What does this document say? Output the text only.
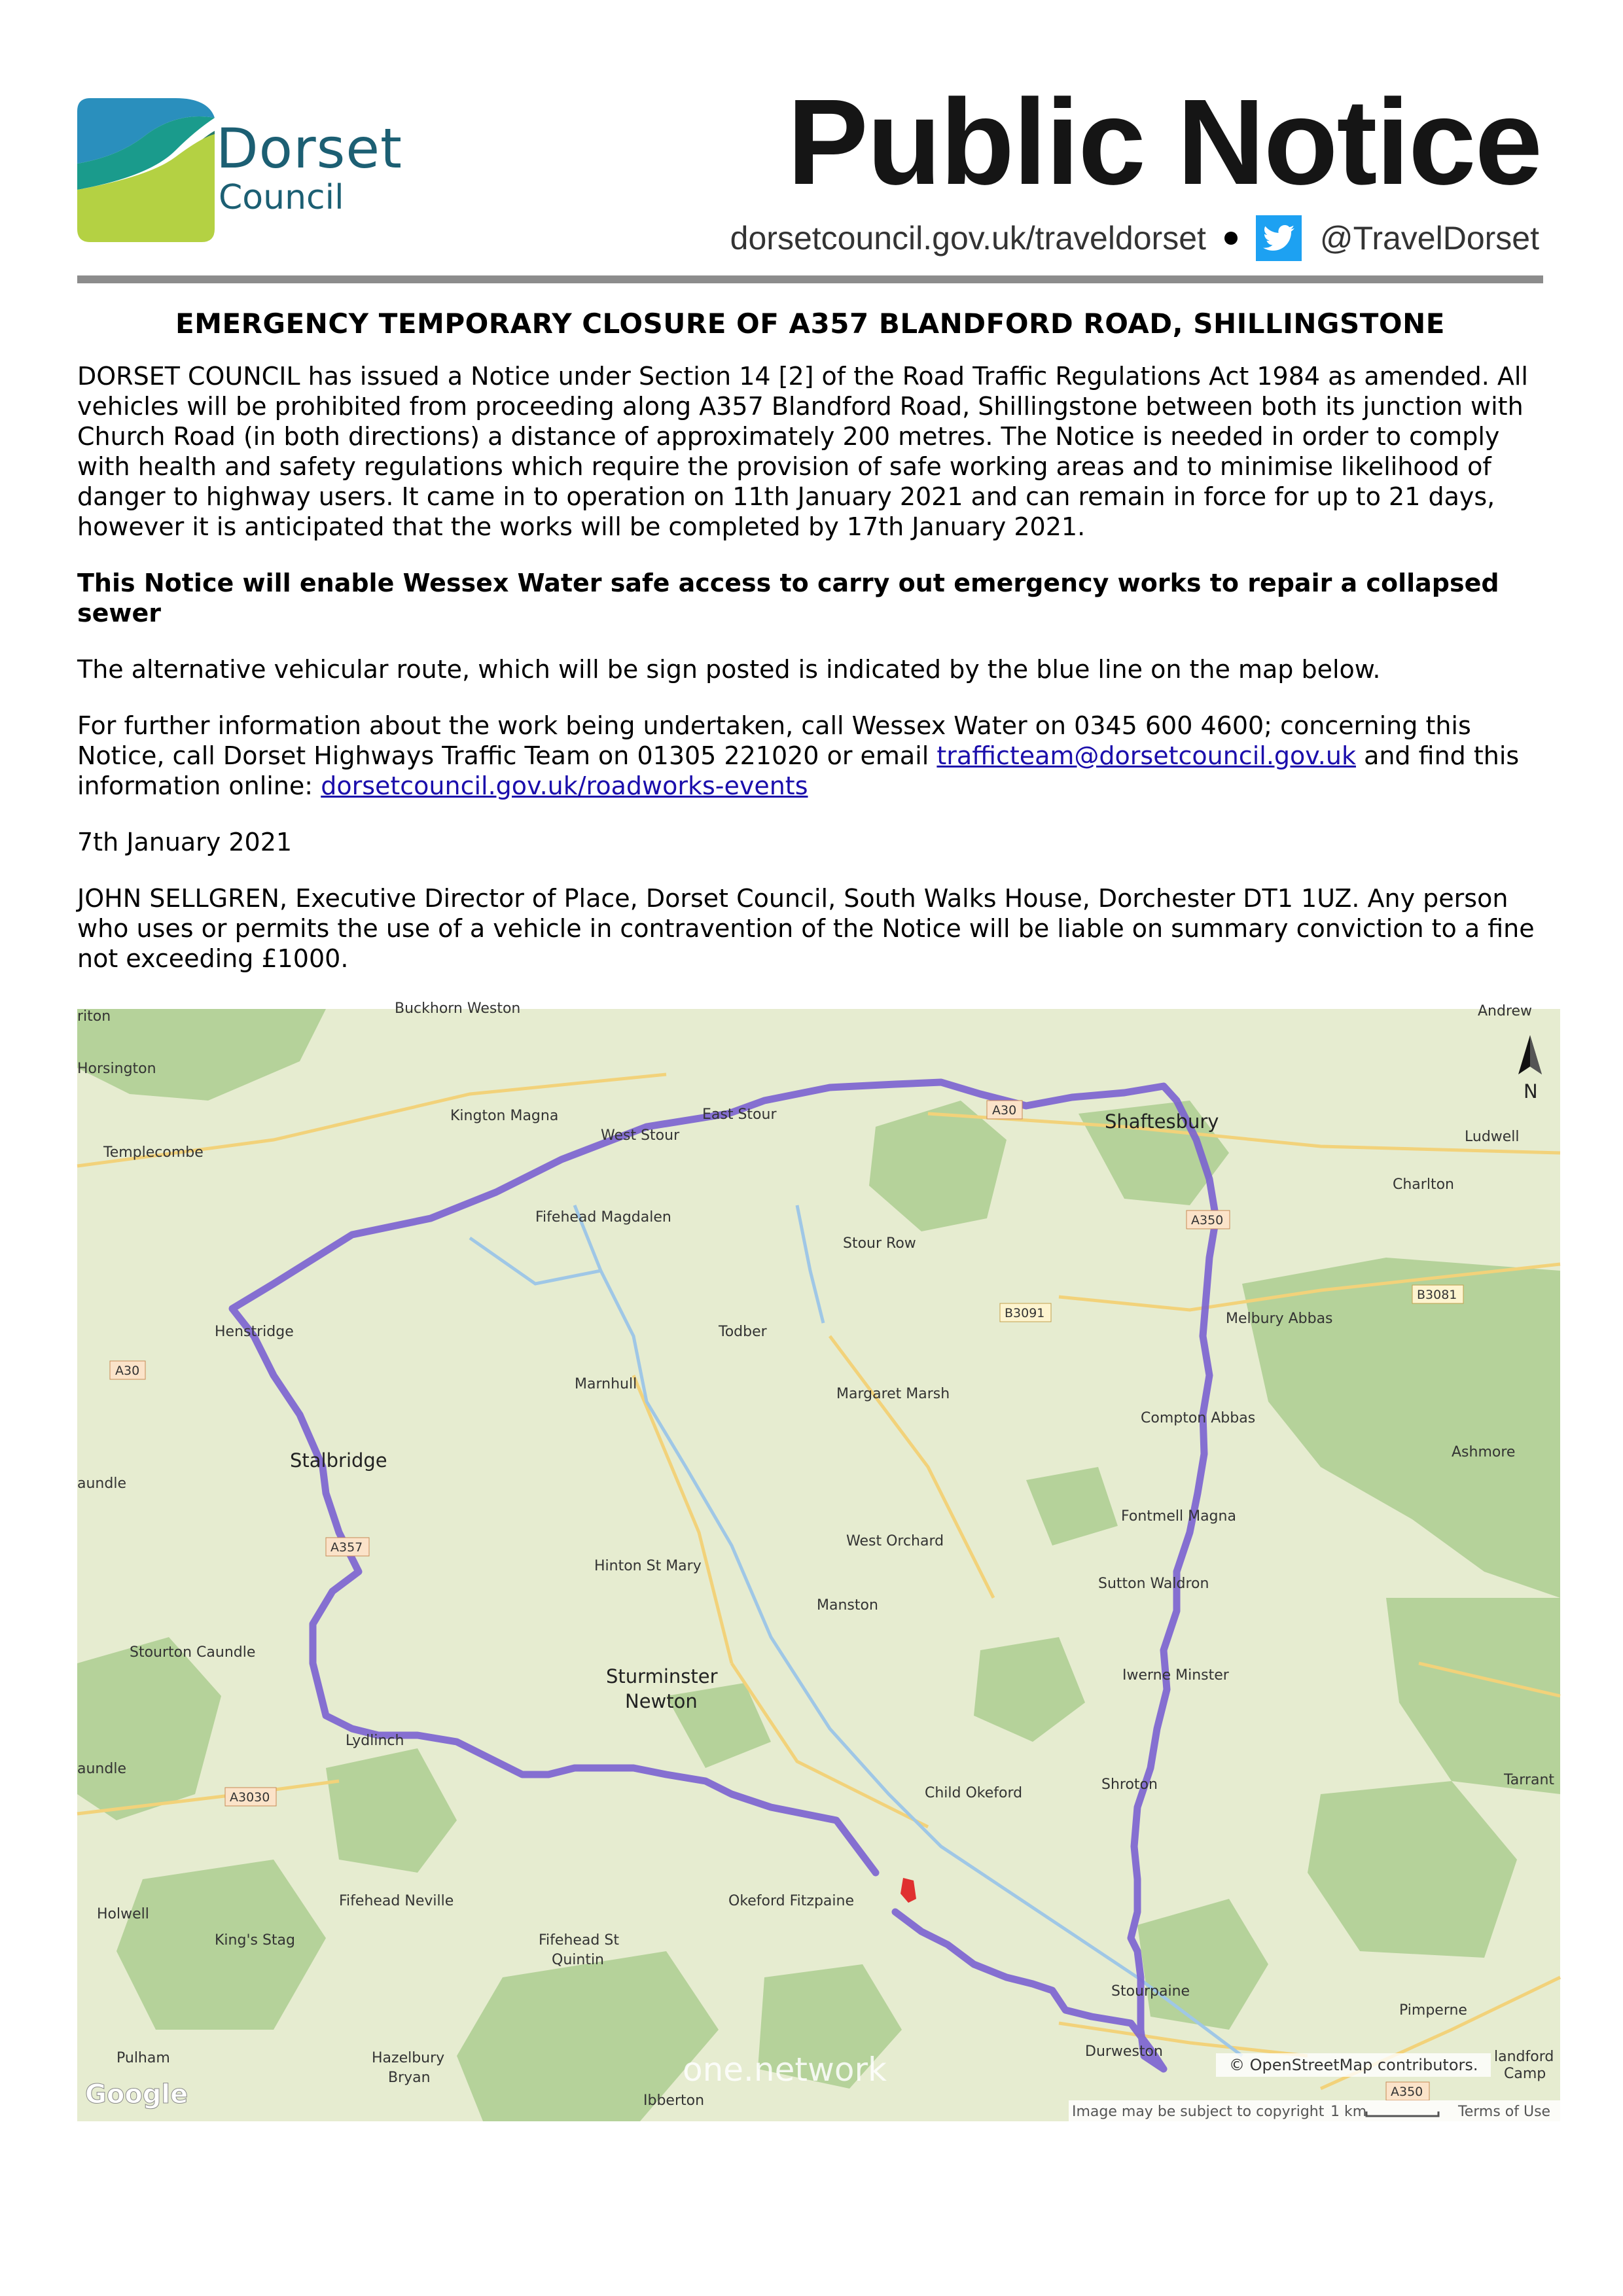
Dorset
Council	Public Notice
dorsetcouncil.gov.uk/traveldorset	@TravelDorset
EMERGENCY TEMPORARY CLOSURE OF A357 BLANDFORD ROAD, SHILLINGSTONE

DORSET COUNCIL has issued a Notice under Section 14 [2] of the Road Traffic Regulations Act 1984 as amended. All vehicles will be prohibited from proceeding along A357 Blandford Road, Shillingstone between both its junction with Church Road (in both directions) a distance of approximately 200 metres. The Notice is needed in order to comply with health and safety regulations which require the provision of safe working areas and to minimise likelihood of danger to highway users. It came in to operation on 11th January 2021 and can remain in force for up to 21 days, however it is anticipated that the works will be completed by 17th January 2021.

This Notice will enable Wessex Water safe access to carry out emergency works to repair a collapsed sewer

The alternative vehicular route, which will be sign posted is indicated by the blue line on the map below.

For further information about the work being undertaken, call Wessex Water on 0345 600 4600; concerning this Notice, call Dorset Highways Traffic Team on 01305 221020 or email trafficteam@dorsetcouncil.gov.uk and find this information online: dorsetcouncil.gov.uk/roadworks-events

7th January 2021

JOHN SELLGREN, Executive Director of Place, Dorset Council, South Walks House, Dorchester DT1 1UZ. Any person who uses or permits the use of a vehicle in contravention of the Notice will be liable on summary conviction to a fine not exceeding £1000.

N
Shaftesbury
Stalbridge
Sturminster
Newton
Henstridge
West Stour
East Stour
Kington Magna
Templecombe
Horsington
Fifehead Magdalen
Stour Row
Todber
Marnhull
Margaret Marsh
Melbury Abbas
Compton Abbas
Ashmore
Fontmell Magna
West Orchard
Hinton St Mary
Manston
Sutton Waldron
Stourton Caundle
Iwerne Minster
Lydlinch
Child Okeford
Shroton	Tarrant
Fifehead Neville	Okeford Fitzpaine
Holwell
King's Stag	Fifehead St
Quintin
Stourpaine
Pimperne
Pulham	Hazelbury
Bryan
Ibberton
Durweston
Ludwell
Charlton
Buckhorn Weston	Andrew
riton
aundle
aundle
landford
Camp
A30
A30
A350
A350
B3091
B3081
A357
A3030
Google
one.network	© OpenStreetMap contributors.
Image may be subject to copyright 1 km	Terms of Use
